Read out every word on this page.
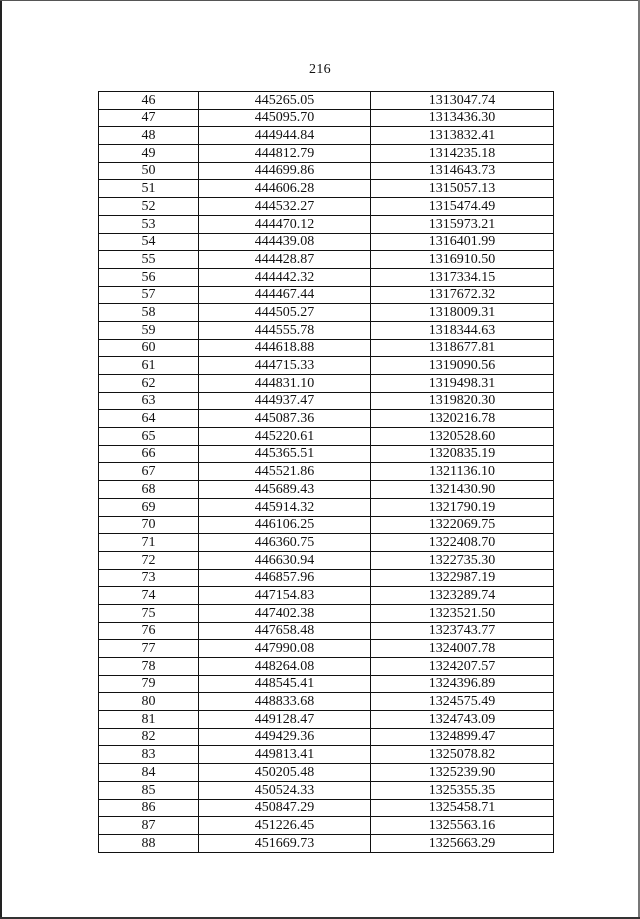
216
46	445265.05	1313047.74
47	445095.70	1313436.30
48	444944.84	1313832.41
49	444812.79	1314235.18
50	444699.86	1314643.73
51	444606.28	1315057.13
52	444532.27	1315474.49
53	444470.12	1315973.21
54	444439.08	1316401.99
55	444428.87	1316910.50
56	444442.32	1317334.15
57	444467.44	1317672.32
58	444505.27	1318009.31
59	444555.78	1318344.63
60	444618.88	1318677.81
61	444715.33	1319090.56
62	444831.10	1319498.31
63	444937.47	1319820.30
64	445087.36	1320216.78
65	445220.61	1320528.60
66	445365.51	1320835.19
67	445521.86	1321136.10
68	445689.43	1321430.90
69	445914.32	1321790.19
70	446106.25	1322069.75
71	446360.75	1322408.70
72	446630.94	1322735.30
73	446857.96	1322987.19
74	447154.83	1323289.74
75	447402.38	1323521.50
76	447658.48	1323743.77
77	447990.08	1324007.78
78	448264.08	1324207.57
79	448545.41	1324396.89
80	448833.68	1324575.49
81	449128.47	1324743.09
82	449429.36	1324899.47
83	449813.41	1325078.82
84	450205.48	1325239.90
85	450524.33	1325355.35
86	450847.29	1325458.71
87	451226.45	1325563.16
88	451669.73	1325663.29
